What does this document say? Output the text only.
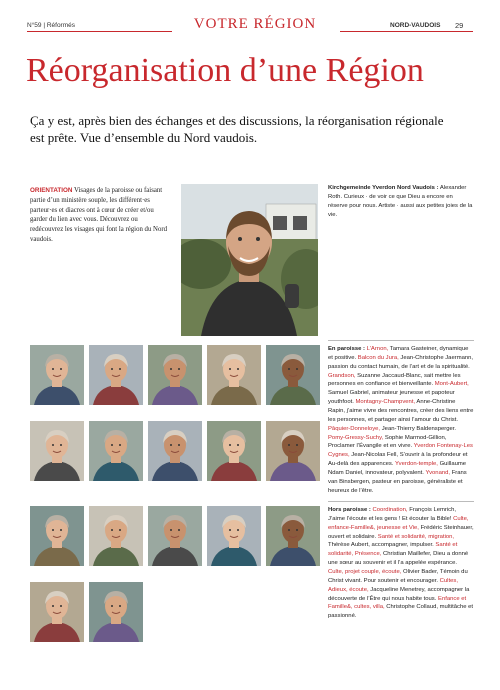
N°59 | Réformés	VOTRE RÉGION	NORD-VAUDOIS 29
Réorganisation d’une Région
Ça y est, après bien des échanges et des discussions, la réorganisation régionale est prête. Vue d’ensemble du Nord vaudois.
ORIENTATION Visages de la paroisse ou faisant partie d’un ministère souple, les différent·es parteur·es et diacres ont à cœur de créer et/ou garder du lien avec vous. Découvrez ou redécouvrez les visages qui font la région du Nord vaudois.
Kirchgemeinde Yverdon Nord Vaudois : Alexander Roth. Curieux · de voir ce que Dieu a encore en réserve pour nous. Artiste · aussi aux petites joies de la vie.
En paroisse : L’Arnon, Tamara Gasteiner, dynamique et positive. Balcon du Jura, Jean-Christophe Jaermann, passion du contact humain, de l’art et de la spiritualité. Grandson, Suzanne Jaccaud-Blanc, sait mettre les personnes en confiance et bienveillante. Mont-Aubert, Samuel Gabriel, animateur jeunesse et papoteur youthfoot. Montagny-Champvent, Anne-Christine Rapin, j’aime vivre des rencontres, créer des liens entre les personnes, et partager ainsi l’amour du Christ. Pâquier-Donneloye, Jean-Thierry Baldensperger. Pomy-Gressy-Suchy, Sophie Marmod-Gillion, Proclamer l’Évangile et en vivre. Yverdon Fontenay-Les Cygnes, Jean-Nicolas Fell, S’ouvrir à la profondeur et Au-delà des apparences. Yverdon-temple, Guillaume Ndam Daniel, innovateur, polyvalent. Yvonand, Frans van Binsbergen, pasteur en paroisse, généraliste et heureux de l’être.
Hors paroisse : Coordination, François Lemrich, J’aime l’écoute et les gens ! Et écouter la Bible! Culte, enfance-Famille&, jeunesse et Vie, Frédéric Steinhauer, ouvert et solidaire. Santé et solidarité, migration, Thérèse Aubert, accompagner, impulser. Santé et solidarité, Présence, Christian Maillefer, Dieu a donné une sœur au souvenir et il l’a appelée espérance. Culte, projet couple, écoute, Olivier Bader, Témoin du Christ vivant. Pour soutenir et encourager. Cultes, Adieux, écoute, Jacqueline Menetrey, accompagner la découverte de l’Être qui nous habite tous. Enfance et Famille&, cultes, villa, Christophe Collaud, multitâche et passionné.
